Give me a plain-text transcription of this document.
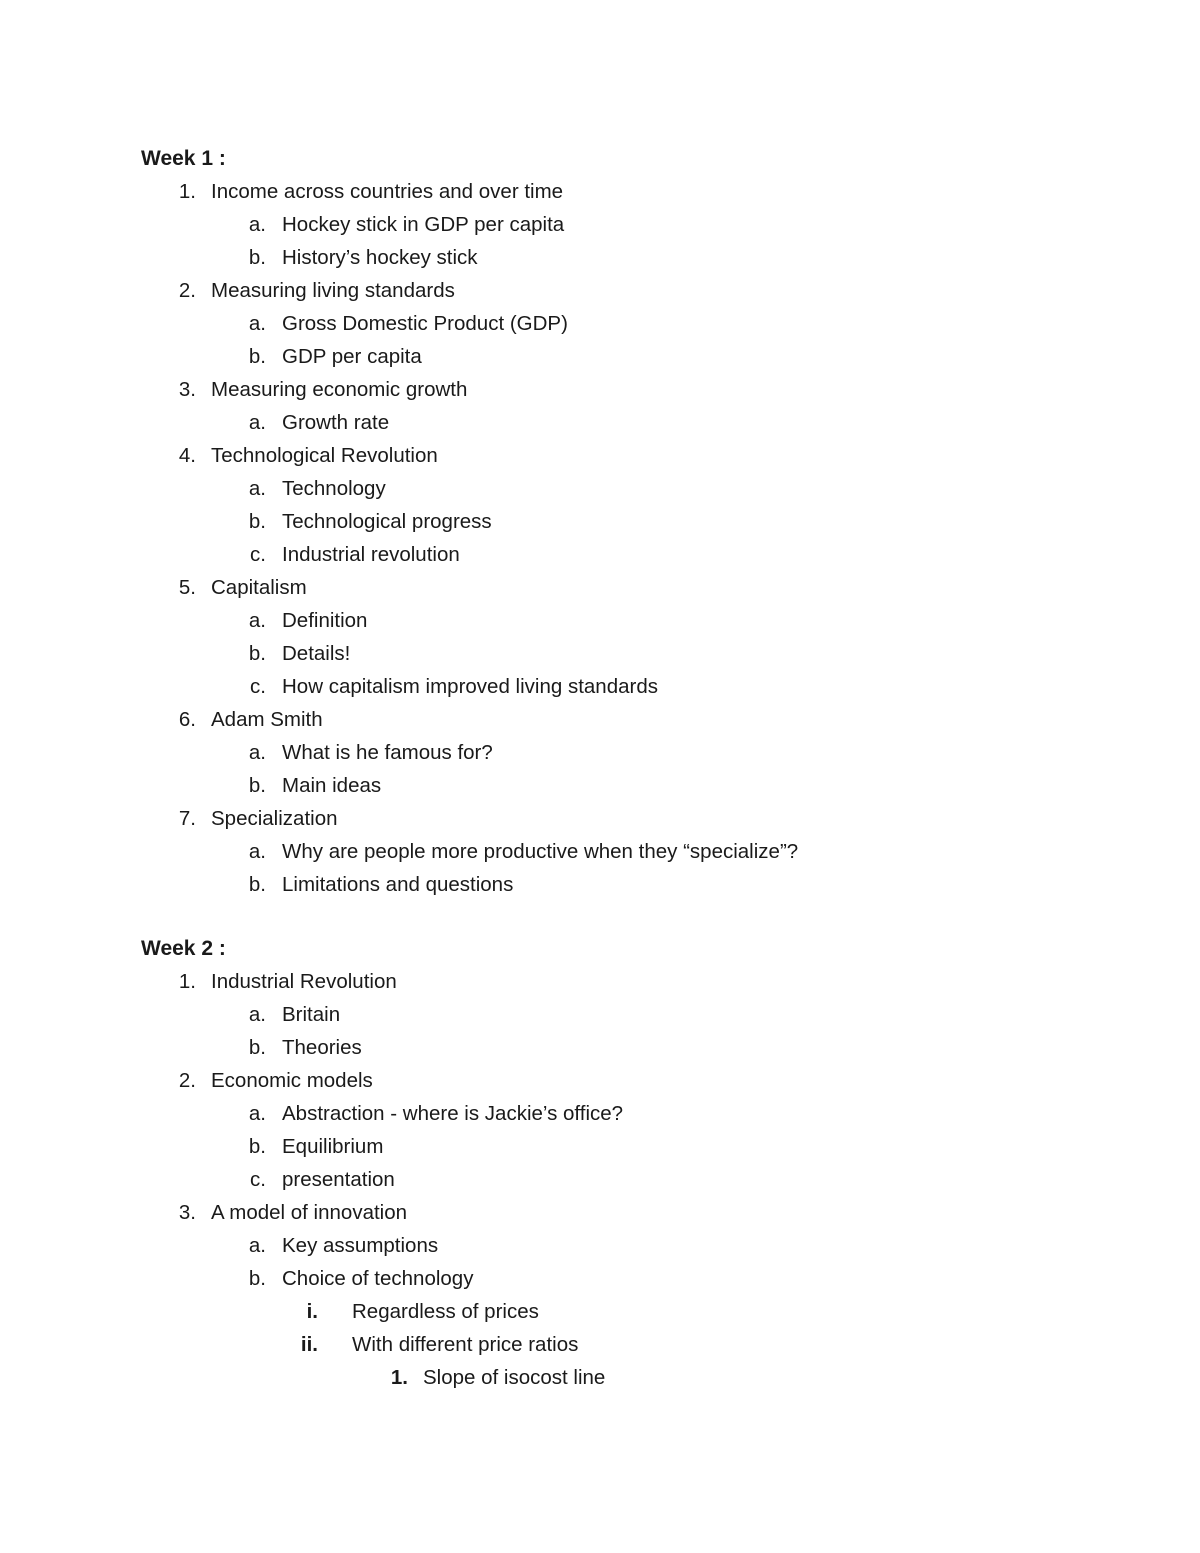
Week 1 :
1. Income across countries and over time
a. Hockey stick in GDP per capita
b. History’s hockey stick
2. Measuring living standards
a. Gross Domestic Product (GDP)
b. GDP per capita
3. Measuring economic growth
a. Growth rate
4. Technological Revolution
a. Technology
b. Technological progress
c. Industrial revolution
5. Capitalism
a. Definition
b. Details!
c. How capitalism improved living standards
6. Adam Smith
a. What is he famous for?
b. Main ideas
7. Specialization
a. Why are people more productive when they “specialize”?
b. Limitations and questions
Week 2 :
1. Industrial Revolution
a. Britain
b. Theories
2. Economic models
a. Abstraction - where is Jackie’s office?
b. Equilibrium
c. presentation
3. A model of innovation
a. Key assumptions
b. Choice of technology
i. Regardless of prices
ii. With different price ratios
1. Slope of isocost line
